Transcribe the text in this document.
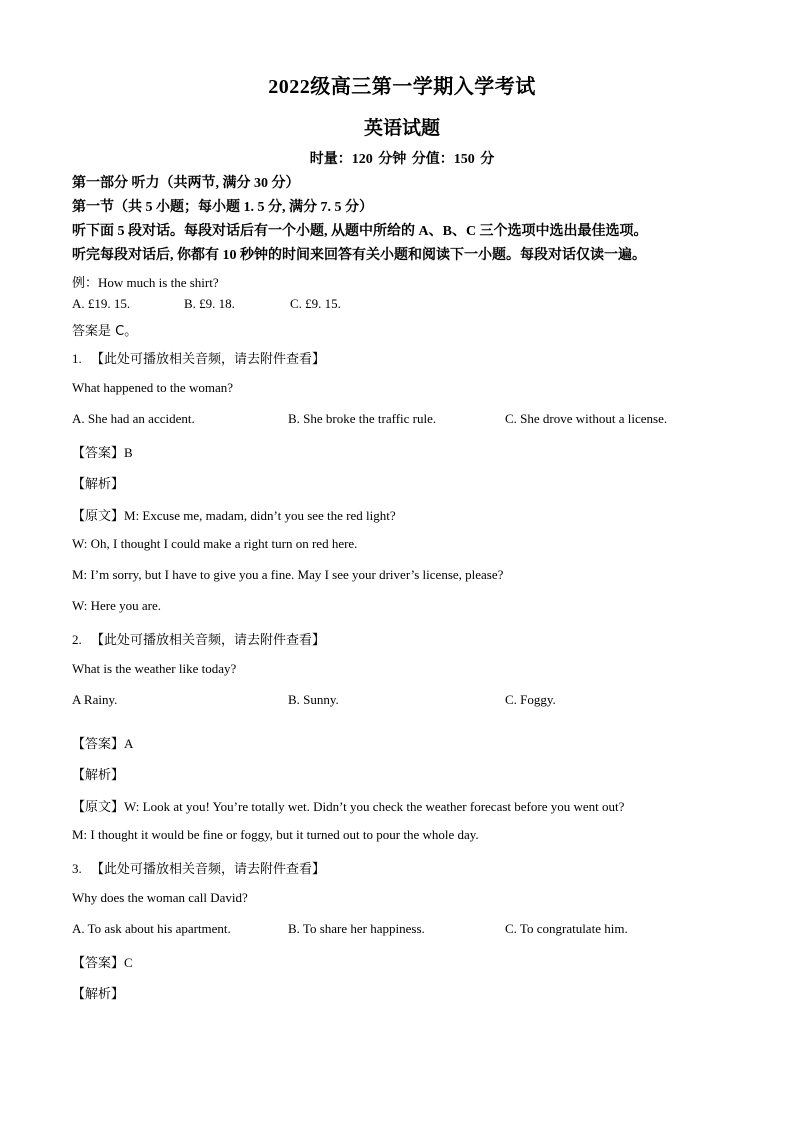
2022级高三第一学期入学考试
英语试题
时量：120 分钟 分值：150 分
第一部分 听力（共两节, 满分 30 分）
第一节（共 5 小题；每小题 1. 5 分, 满分 7. 5 分）
听下面 5 段对话。每段对话后有一个小题, 从题中所给的 A、B、C 三个选项中选出最佳选项。
听完每段对话后, 你都有 10 秒钟的时间来回答有关小题和阅读下一小题。每段对话仅读一遍。
例：How much is the shirt?
A. £19. 15.	B. £9. 18.	C. £9. 15.
答案是 C。
1. 【此处可播放相关音频，请去附件查看】
What happened to the woman?
A. She had an accident.	B. She broke the traffic rule.	C. She drove without a license.
【答案】B
【解析】
【原文】M: Excuse me, madam, didn’t you see the red light?
W: Oh, I thought I could make a right turn on red here.
M: I’m sorry, but I have to give you a fine. May I see your driver’s license, please?
W: Here you are.
2. 【此处可播放相关音频，请去附件查看】
What is the weather like today?
A Rainy.	B. Sunny.	C. Foggy.
【答案】A
【解析】
【原文】W: Look at you! You’re totally wet. Didn’t you check the weather forecast before you went out?
M: I thought it would be fine or foggy, but it turned out to pour the whole day.
3. 【此处可播放相关音频，请去附件查看】
Why does the woman call David?
A. To ask about his apartment.	B. To share her happiness.	C. To congratulate him.
【答案】C
【解析】
